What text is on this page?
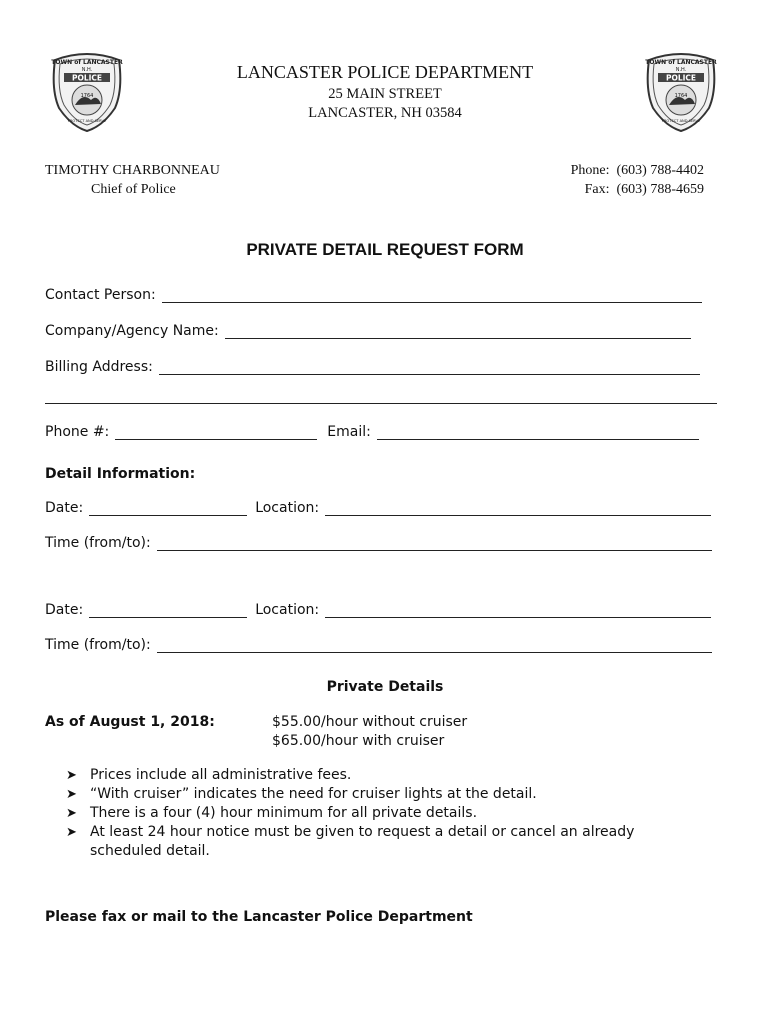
TOWN of LANCASTER
N.H.
POLICE
1764
PROTECT AND SERVE
TOWN of LANCASTER
N.H.
POLICE
1764
PROTECT AND SERVE
LANCASTER POLICE DEPARTMENT
25 MAIN STREET
LANCASTER, NH 03584
TIMOTHY CHARBONNEAU
Chief of Police
Phone: (603) 788-4402
Fax: (603) 788-4659
PRIVATE DETAIL REQUEST FORM
Contact Person:
Company/Agency Name:
Billing Address:
Phone #:	Email:
Detail Information:
Date:	Location:
Time (from/to):
Date:	Location:
Time (from/to):
Private Details
As of August 1, 2018:	$55.00/hour without cruiser
$65.00/hour with cruiser
➤ Prices include all administrative fees.
➤ “With cruiser” indicates the need for cruiser lights at the detail.
➤ There is a four (4) hour minimum for all private details.
➤ At least 24 hour notice must be given to request a detail or cancel an already scheduled detail.
Please fax or mail to the Lancaster Police Department
